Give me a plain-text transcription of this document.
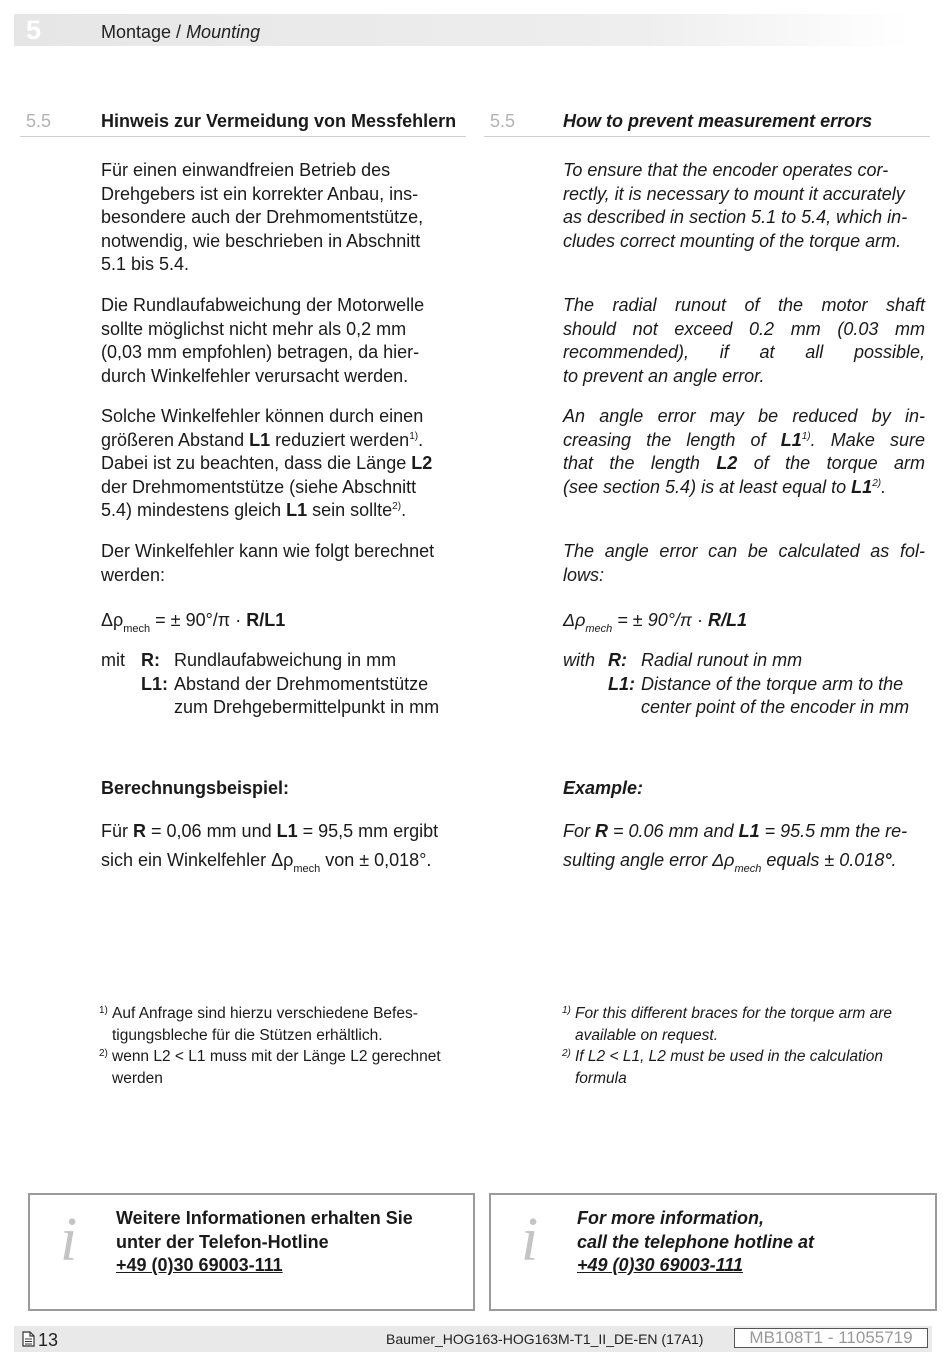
5	Montage / Mounting
5.5	Hinweis zur Vermeidung von Messfehlern 5.5	How to prevent measurement errors
Für einen einwandfreien Betrieb des
Drehgebers ist ein korrekter Anbau, ins-
besondere auch der Drehmomentstütze,
notwendig, wie beschrieben in Abschnitt
5.1 bis 5.4.
Die Rundlaufabweichung der Motorwelle
sollte möglichst nicht mehr als 0,2 mm
(0,03 mm empfohlen) betragen, da hier-
durch Winkelfehler verursacht werden.
Solche Winkelfehler können durch einen
größeren Abstand L1 reduziert werden$^{1)}$.
Dabei ist zu beachten, dass die Länge L2
der Drehmomentstütze (siehe Abschnitt
5.4) mindestens gleich L1 sein sollte$^{2)}$.
Der Winkelfehler kann wie folgt berechnet
werden:
$\Delta\rho_{mech}$ = ± 90°/π · R/L1
mit R: Rundlaufabweichung in mm
L1: Abstand der Drehmomentstütze
zum Drehgebermittelpunkt in mm
Berechnungsbeispiel:
Für R = 0,06 mm und L1 = 95,5 mm ergibt
sich ein Winkelfehler $\Delta\rho_{mech}$ von ± 0,018°.
1) Auf Anfrage sind hierzu verschiedene Befes-
tigungsbleche für die Stützen erhältlich.
2) wenn L2 < L1 muss mit der Länge L2 gerechnet
werden
To ensure that the encoder operates cor-
rectly, it is necessary to mount it accurately
as described in section 5.1 to 5.4, which in-
cludes correct mounting of the torque arm.
The radial runout of the motor shaft
should not exceed 0.2 mm (0.03 mm
recommended), if at all possible,
to prevent an angle error.
An angle error may be reduced by in-
creasing the length of L1$^{1)}$. Make sure
that the length L2 of the torque arm
(see section 5.4) is at least equal to L1$^{2)}$.
The angle error can be calculated as fol-
lows:
$\Delta\rho_{mech}$ = ± 90°/π · R/L1
with R: Radial runout in mm
L1: Distance of the torque arm to the
center point of the encoder in mm
Example:
For R = 0.06 mm and L1 = 95.5 mm the re-
sulting angle error $\Delta\rho_{mech}$ equals ± 0.018°.
1) For this different braces for the torque arm are
available on request.
2) If L2 < L1, L2 must be used in the calculation
formula
i Weitere Informationen erhalten Sie
unter der Telefon-Hotline
+49 (0)30 69003-111	i For more information,
call the telephone hotline at
+49 (0)30 69003-111
13	Baumer_HOG163-HOG163M-T1_II_DE-EN (17A1)	MB108T1 - 11055719
